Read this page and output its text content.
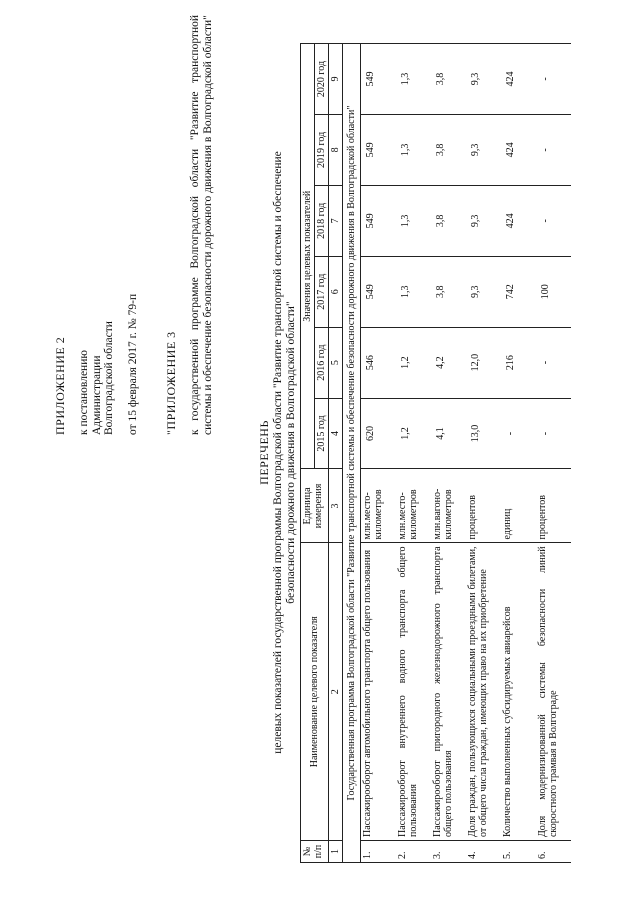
ПРИЛОЖЕНИЕ 2 к постановлению Администрации Волгоградской области от 15 февраля 2017 г. № 79-п "ПРИЛОЖЕНИЕ 3 к государственной программе Волгоградской области "Развитие транспортной системы и обеспечение безопасности дорожного движения в Волгоградской области"
ПЕРЕЧЕНЬ целевых показателей государственной программы Волгоградской области "Развитие транспортной системы и обеспечение безопасности дорожного движения в Волгоградской области"
№ п/п	Наименование целевого показателя	Единица измерения	Значения целевых показателей					
			2015 год	2016 год	2017 год	2018 год	2019 год	2020 год
1	2	3	4	5	6	7	8	9
Государственная программа Волгоградской области "Развитие транспортной системы и обеспечение безопасности дорожного движения в Волгоградской области"								
1.	Пассажирооборот автомобильного транспорта общего пользования	млн.место-километров	620	546	549	549	549	549
2.	Пассажирооборот внутреннего водного транспорта общего пользования	млн.место-километров	1,2	1,2	1,3	1,3	1,3	1,3
3.	Пассажирооборот пригородного железнодорожного транспорта общего пользования	млн.вагоно-километров	4,1	4,2	3,8	3,8	3,8	3,8
4.	Доля граждан, пользующихся социальными проездными билетами, от общего числа граждан, имеющих право на их приобретение	процентов	13,0	12,0	9,3	9,3	9,3	9,3
5.	Количество выполненных субсидируемых авиарейсов	единиц	-	216	742	424	424	424
6.	Доля модернизированной системы безопасности линий скоростного трамвая в Волгограде	процентов	-	-	100	-	-	-
